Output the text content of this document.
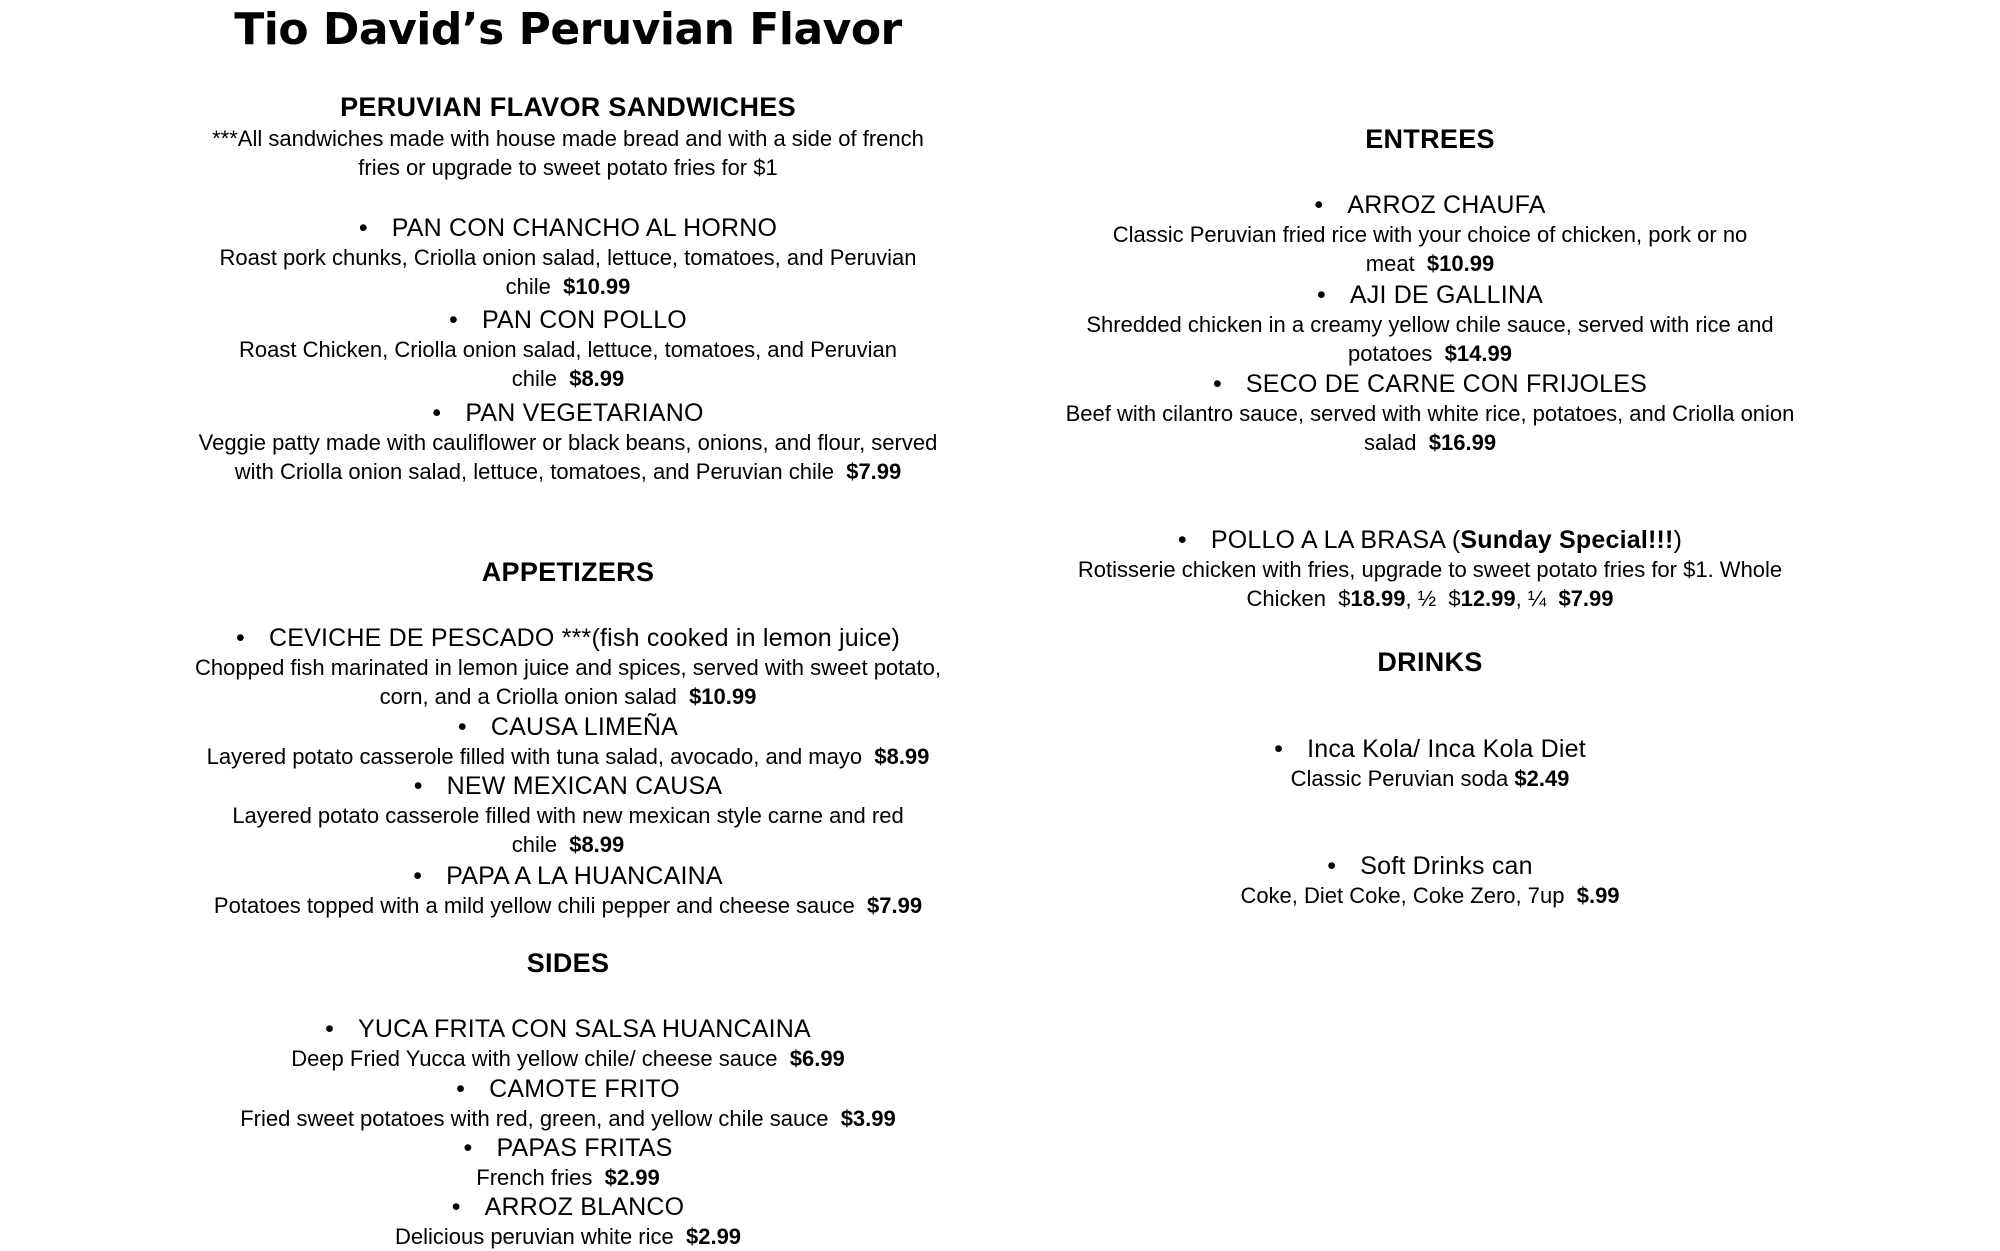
Tio David’s Peruvian Flavor
PERUVIAN FLAVOR SANDWICHES
***All sandwiches made with house made bread and with a side of french
fries or upgrade to sweet potato fries for $1
• PAN CON CHANCHO AL HORNO
Roast pork chunks, Criolla onion salad, lettuce, tomatoes, and Peruvian
chile $10.99
• PAN CON POLLO
Roast Chicken, Criolla onion salad, lettuce, tomatoes, and Peruvian
chile $8.99
• PAN VEGETARIANO
Veggie patty made with cauliflower or black beans, onions, and flour, served
with Criolla onion salad, lettuce, tomatoes, and Peruvian chile $7.99
APPETIZERS
• CEVICHE DE PESCADO ***(fish cooked in lemon juice)
Chopped fish marinated in lemon juice and spices, served with sweet potato,
corn, and a Criolla onion salad $10.99
• CAUSA LIMEÑA
Layered potato casserole filled with tuna salad, avocado, and mayo $8.99
• NEW MEXICAN CAUSA
Layered potato casserole filled with new mexican style carne and red
chile $8.99
• PAPA A LA HUANCAINA
Potatoes topped with a mild yellow chili pepper and cheese sauce $7.99
SIDES
• YUCA FRITA CON SALSA HUANCAINA
Deep Fried Yucca with yellow chile/ cheese sauce $6.99
• CAMOTE FRITO
Fried sweet potatoes with red, green, and yellow chile sauce $3.99
• PAPAS FRITAS
French fries $2.99
• ARROZ BLANCO
Delicious peruvian white rice $2.99
ENTREES
• ARROZ CHAUFA
Classic Peruvian fried rice with your choice of chicken, pork or no
meat $10.99
• AJI DE GALLINA
Shredded chicken in a creamy yellow chile sauce, served with rice and
potatoes $14.99
• SECO DE CARNE CON FRIJOLES
Beef with cilantro sauce, served with white rice, potatoes, and Criolla onion
salad $16.99
• POLLO A LA BRASA (Sunday Special!!!)
Rotisserie chicken with fries, upgrade to sweet potato fries for $1. Whole
Chicken $18.99, ½ $12.99, ¼ $7.99
DRINKS
• Inca Kola/ Inca Kola Diet
Classic Peruvian soda $2.49
• Soft Drinks can
Coke, Diet Coke, Coke Zero, 7up $.99
